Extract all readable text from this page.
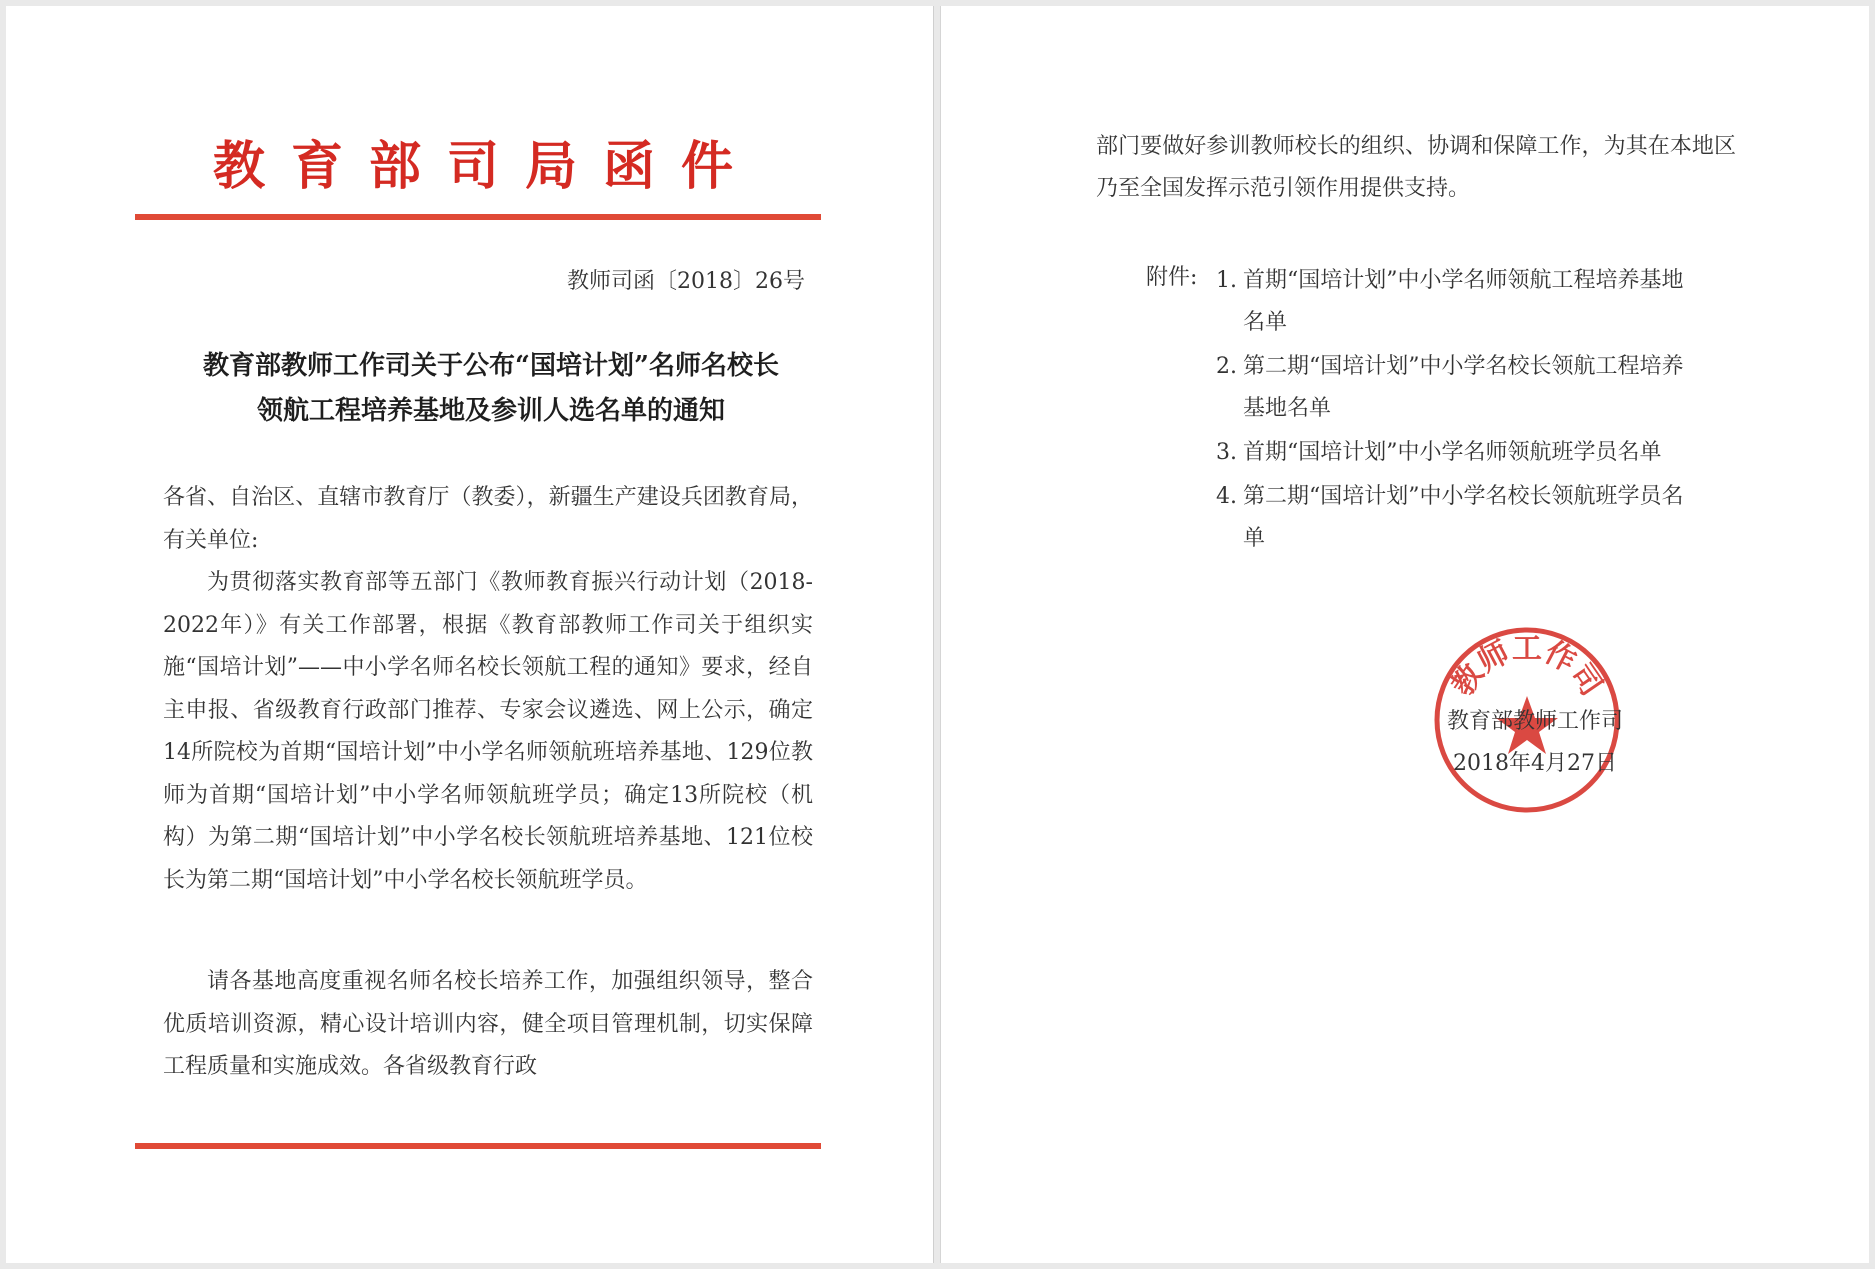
教育部司局函件
教师司函〔2018〕26号
教育部教师工作司关于公布“国培计划”名师名校长
领航工程培养基地及参训人选名单的通知

各省、自治区、直辖市教育厅（教委），新疆生产建设兵团教育局，有关单位:

为贯彻落实教育部等五部门《教师教育振兴行动计划（2018-2022年）》有关工作部署，根据《教育部教师工作司关于组织实施“国培计划”——中小学名师名校长领航工程的通知》要求，经自主申报、省级教育行政部门推荐、专家会议遴选、网上公示，确定14所院校为首期“国培计划”中小学名师领航班培养基地、129位教师为首期“国培计划”中小学名师领航班学员；确定13所院校（机构）为第二期“国培计划”中小学名校长领航班培养基地、121位校长为第二期“国培计划”中小学名校长领航班学员。

请各基地高度重视名师名校长培养工作，加强组织领导，整合优质培训资源，精心设计培训内容，健全项目管理机制，切实保障工程质量和实施成效。各省级教育行政

部门要做好参训教师校长的组织、协调和保障工作，为其在本地区乃至全国发挥示范引领作用提供支持。
附件: 1. 首期“国培计划”中小学名师领航工程培养基地名单
2. 第二期“国培计划”中小学名校长领航工程培养基地名单
3. 首期“国培计划”中小学名师领航班学员名单
4. 第二期“国培计划”中小学名校长领航班学员名单
教师工作司
教育部教师工作司
2018年4月27日
